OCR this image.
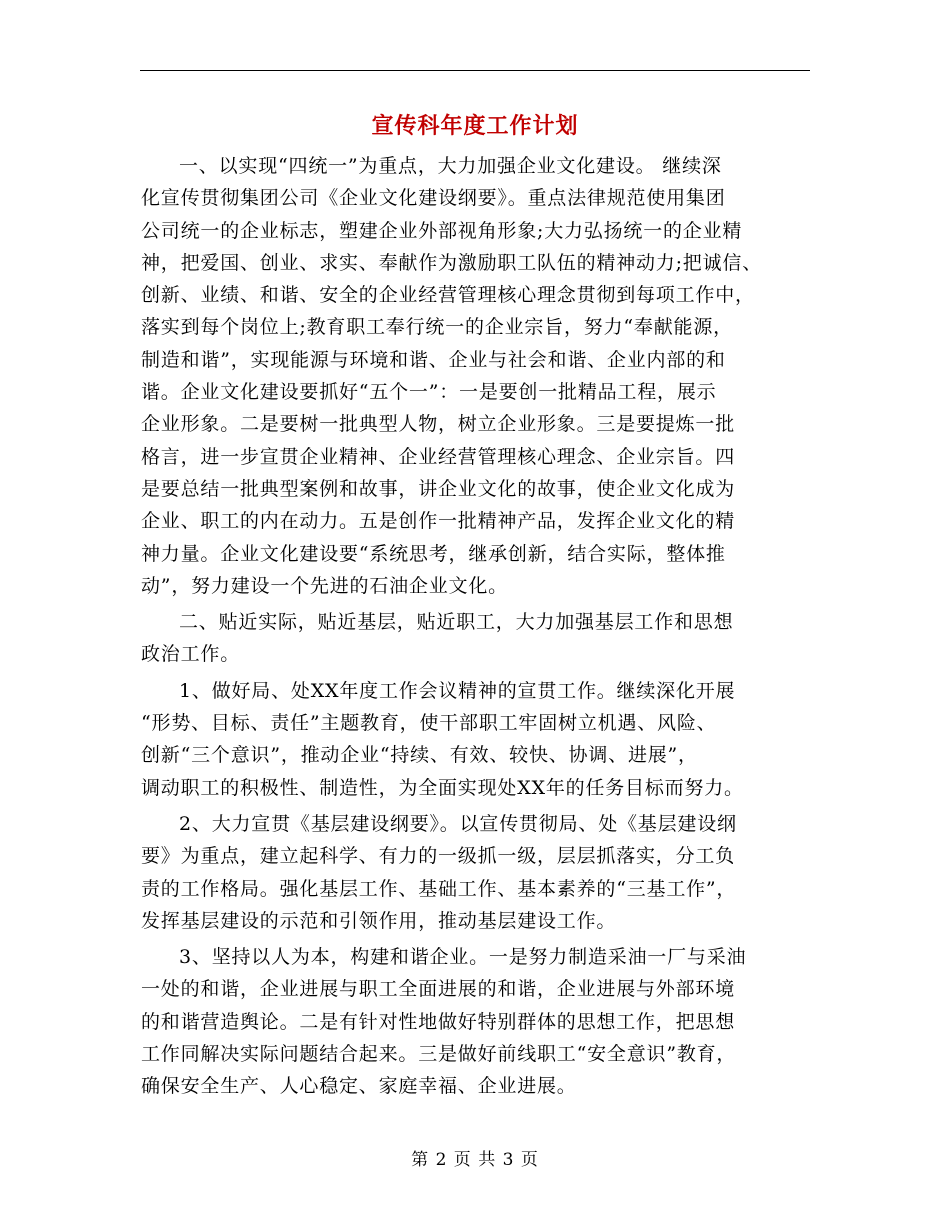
宣传科年度工作计划
一、以实现“四统一”为重点，大力加强企业文化建设。 继续深
化宣传贯彻集团公司《企业文化建设纲要》。重点法律规范使用集团
公司统一的企业标志，塑建企业外部视角形象;大力弘扬统一的企业精
神，把爱国、创业、求实、奉献作为激励职工队伍的精神动力;把诚信、
创新、业绩、和谐、安全的企业经营管理核心理念贯彻到每项工作中，
落实到每个岗位上;教育职工奉行统一的企业宗旨，努力“奉献能源，
制造和谐”，实现能源与环境和谐、企业与社会和谐、企业内部的和
谐。企业文化建设要抓好“五个一”：一是要创一批精品工程，展示
企业形象。二是要树一批典型人物，树立企业形象。三是要提炼一批
格言，进一步宣贯企业精神、企业经营管理核心理念、企业宗旨。四
是要总结一批典型案例和故事，讲企业文化的故事，使企业文化成为
企业、职工的内在动力。五是创作一批精神产品，发挥企业文化的精
神力量。企业文化建设要“系统思考，继承创新，结合实际，整体推
动”，努力建设一个先进的石油企业文化。
二、贴近实际，贴近基层，贴近职工，大力加强基层工作和思想
政治工作。
1、做好局、处XX年度工作会议精神的宣贯工作。继续深化开展
“形势、目标、责任”主题教育，使干部职工牢固树立机遇、风险、
创新“三个意识”，推动企业“持续、有效、较快、协调、进展”，
调动职工的积极性、制造性，为全面实现处XX年的任务目标而努力。
2、大力宣贯《基层建设纲要》。以宣传贯彻局、处《基层建设纲
要》为重点，建立起科学、有力的一级抓一级，层层抓落实，分工负
责的工作格局。强化基层工作、基础工作、基本素养的“三基工作”，
发挥基层建设的示范和引领作用，推动基层建设工作。
3、坚持以人为本，构建和谐企业。一是努力制造采油一厂与采油
一处的和谐，企业进展与职工全面进展的和谐，企业进展与外部环境
的和谐营造舆论。二是有针对性地做好特别群体的思想工作，把思想
工作同解决实际问题结合起来。三是做好前线职工“安全意识”教育，
确保安全生产、人心稳定、家庭幸福、企业进展。
第 2 页 共 3 页
